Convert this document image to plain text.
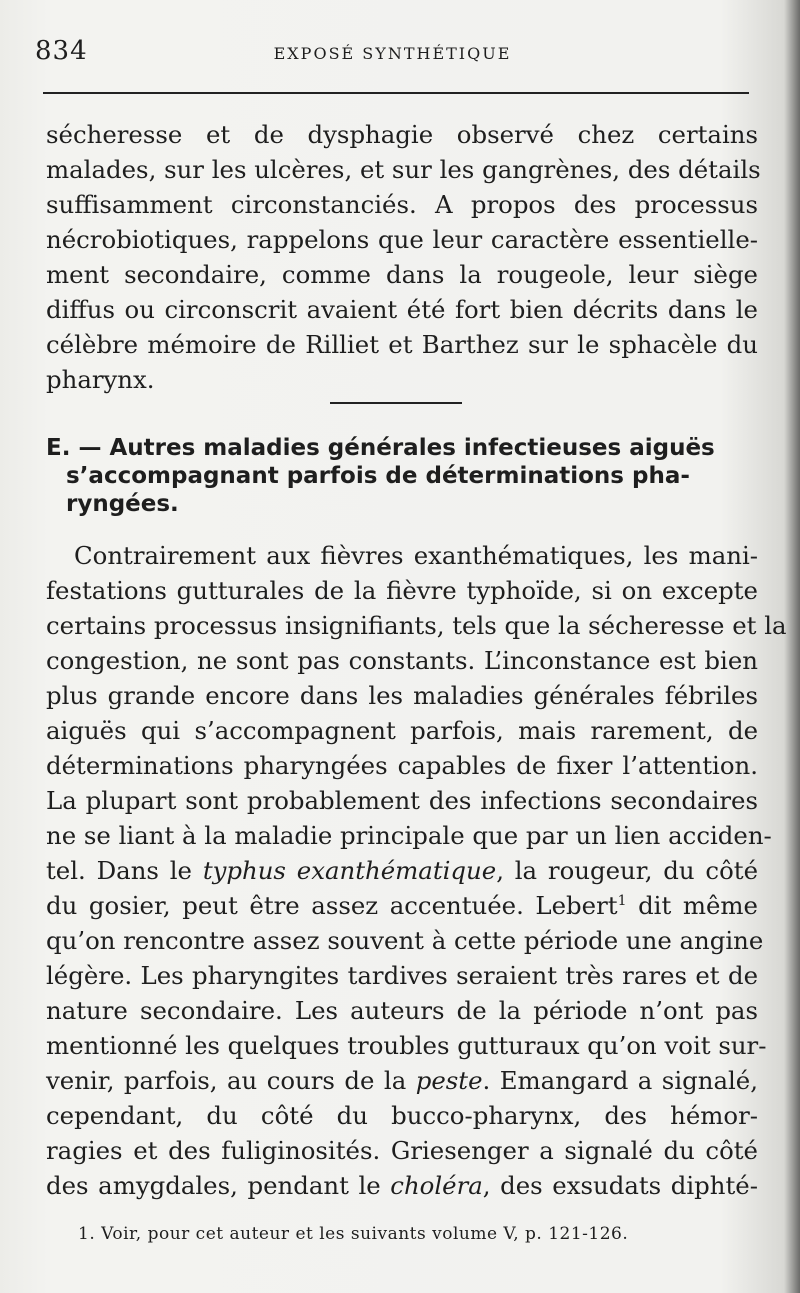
834	EXPOSÉ SYNTHÉTIQUE

sécheresse et de dysphagie observé chez certains
malades, sur les ulcères, et sur les gangrènes, des détails
suffisamment circonstanciés. A propos des processus
nécrobiotiques, rappelons que leur caractère essentielle-
ment secondaire, comme dans la rougeole, leur siège
diffus ou circonscrit avaient été fort bien décrits dans le
célèbre mémoire de Rilliet et Barthez sur le sphacèle du
pharynx.

E. — Autres maladies générales infectieuses aiguës
s’accompagnant parfois de déterminations pha-
ryngées.

Contrairement aux fièvres exanthématiques, les mani-
festations gutturales de la fièvre typhoïde, si on excepte
certains processus insignifiants, tels que la sécheresse et la
congestion, ne sont pas constants. L’inconstance est bien
plus grande encore dans les maladies générales fébriles
aiguës qui s’accompagnent parfois, mais rarement, de
déterminations pharyngées capables de fixer l’attention.
La plupart sont probablement des infections secondaires
ne se liant à la maladie principale que par un lien acciden-
tel. Dans le typhus exanthématique, la rougeur, du côté
du gosier, peut être assez accentuée. Lebert$^1$ dit même
qu’on rencontre assez souvent à cette période une angine
légère. Les pharyngites tardives seraient très rares et de
nature secondaire. Les auteurs de la période n’ont pas
mentionné les quelques troubles gutturaux qu’on voit sur-
venir, parfois, au cours de la peste. Emangard a signalé,
cependant, du côté du bucco-pharynx, des hémor-
ragies et des fuliginosités. Griesenger a signalé du côté
des amygdales, pendant le choléra, des exsudats diphté-

1. Voir, pour cet auteur et les suivants volume V, p. 121-126.
